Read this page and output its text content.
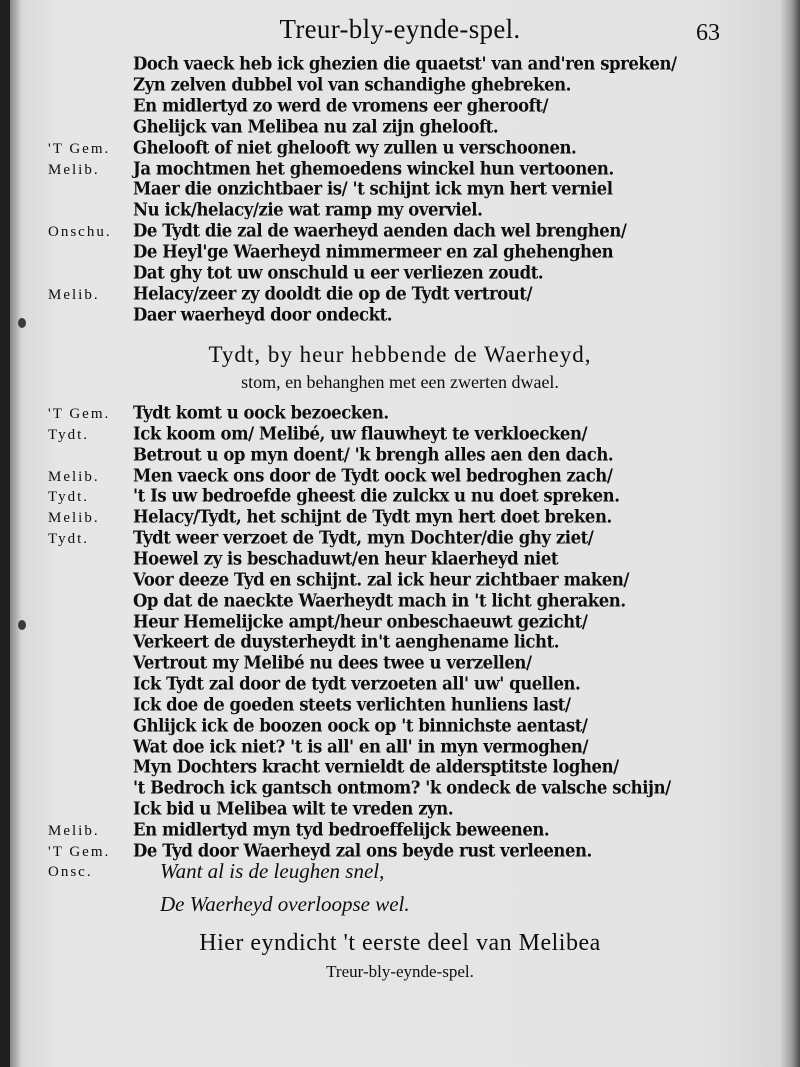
Treur-bly-eynde-spel.	63
Doch vaeck heb ick ghezien die quaetst' van and'ren spreken/
Zyn zelven dubbel vol van schandighe ghebreken.
En midlertyd zo werd de vromens eer gherooft/
Ghelijck van Melibea nu zal zijn ghelooft.
'T Gem. Ghelooft of niet ghelooft wy zullen u verschoonen.
Melib. Ja mochtmen het ghemoedens winckel hun vertoonen.
Maer die onzichtbaer is/ 't schijnt ick myn hert verniel
Nu ick/helacy/zie wat ramp my overviel.
Onschu. De Tydt die zal de waerheyd aenden dach wel brenghen/
De Heyl'ge Waerheyd nimmermeer en zal ghehenghen
Dat ghy tot uw onschuld u eer verliezen zoudt.
Melib. Helacy/zeer zy dooldt die op de Tydt vertrout/
Daer waerheyd door ondeckt.
Tydt, by heur hebbende de Waerheyd,
stom, en behanghen met een zwerten dwael.
'T Gem. Tydt komt u oock bezoecken.
Tydt.	Ick koom om/ Melibé, uw flauwheyt te verkloecken/
Betrout u op myn doent/ 'k brengh alles aen den dach.
Melib. Men vaeck ons door de Tydt oock wel bedroghen zach/
Tydt.	't Is uw bedroefde gheest die zulckx u nu doet spreken.
Melib. Helacy/Tydt, het schijnt de Tydt myn hert doet breken.
Tydt.	Tydt weer verzoet de Tydt, myn Dochter/die ghy ziet/
Hoewel zy is beschaduwt/en heur klaerheyd niet
Voor deeze Tyd en schijnt. zal ick heur zichtbaer maken/
Op dat de naeckte Waerheydt mach in 't licht gheraken.
Heur Hemelijcke ampt/heur onbeschaeuwt gezicht/
Verkeert de duysterheydt in't aenghename licht.
Vertrout my Melibé nu dees twee u verzellen/
Ick Tydt zal door de tydt verzoeten all' uw' quellen.
Ick doe de goeden steets verlichten hunliens last/
Ghlijck ick de boozen oock op 't binnichste aentast/
Wat doe ick niet? 't is all' en all' in myn vermoghen/
Myn Dochters kracht vernieldt de aldersptitste loghen/
't Bedroch ick gantsch ontmom? 'k ondeck de valsche schijn/
Ick bid u Melibea wilt te vreden zyn.
Melib. En midlertyd myn tyd bedroeffelijck beweenen.
'T Gem. De Tyd door Waerheyd zal ons beyde rust verleenen.
Onsc.	Want al is de leughen snel,
De Waerheyd overloopse wel.
Hier eyndicht 't eerste deel van Melibea
Treur-bly-eynde-spel.
